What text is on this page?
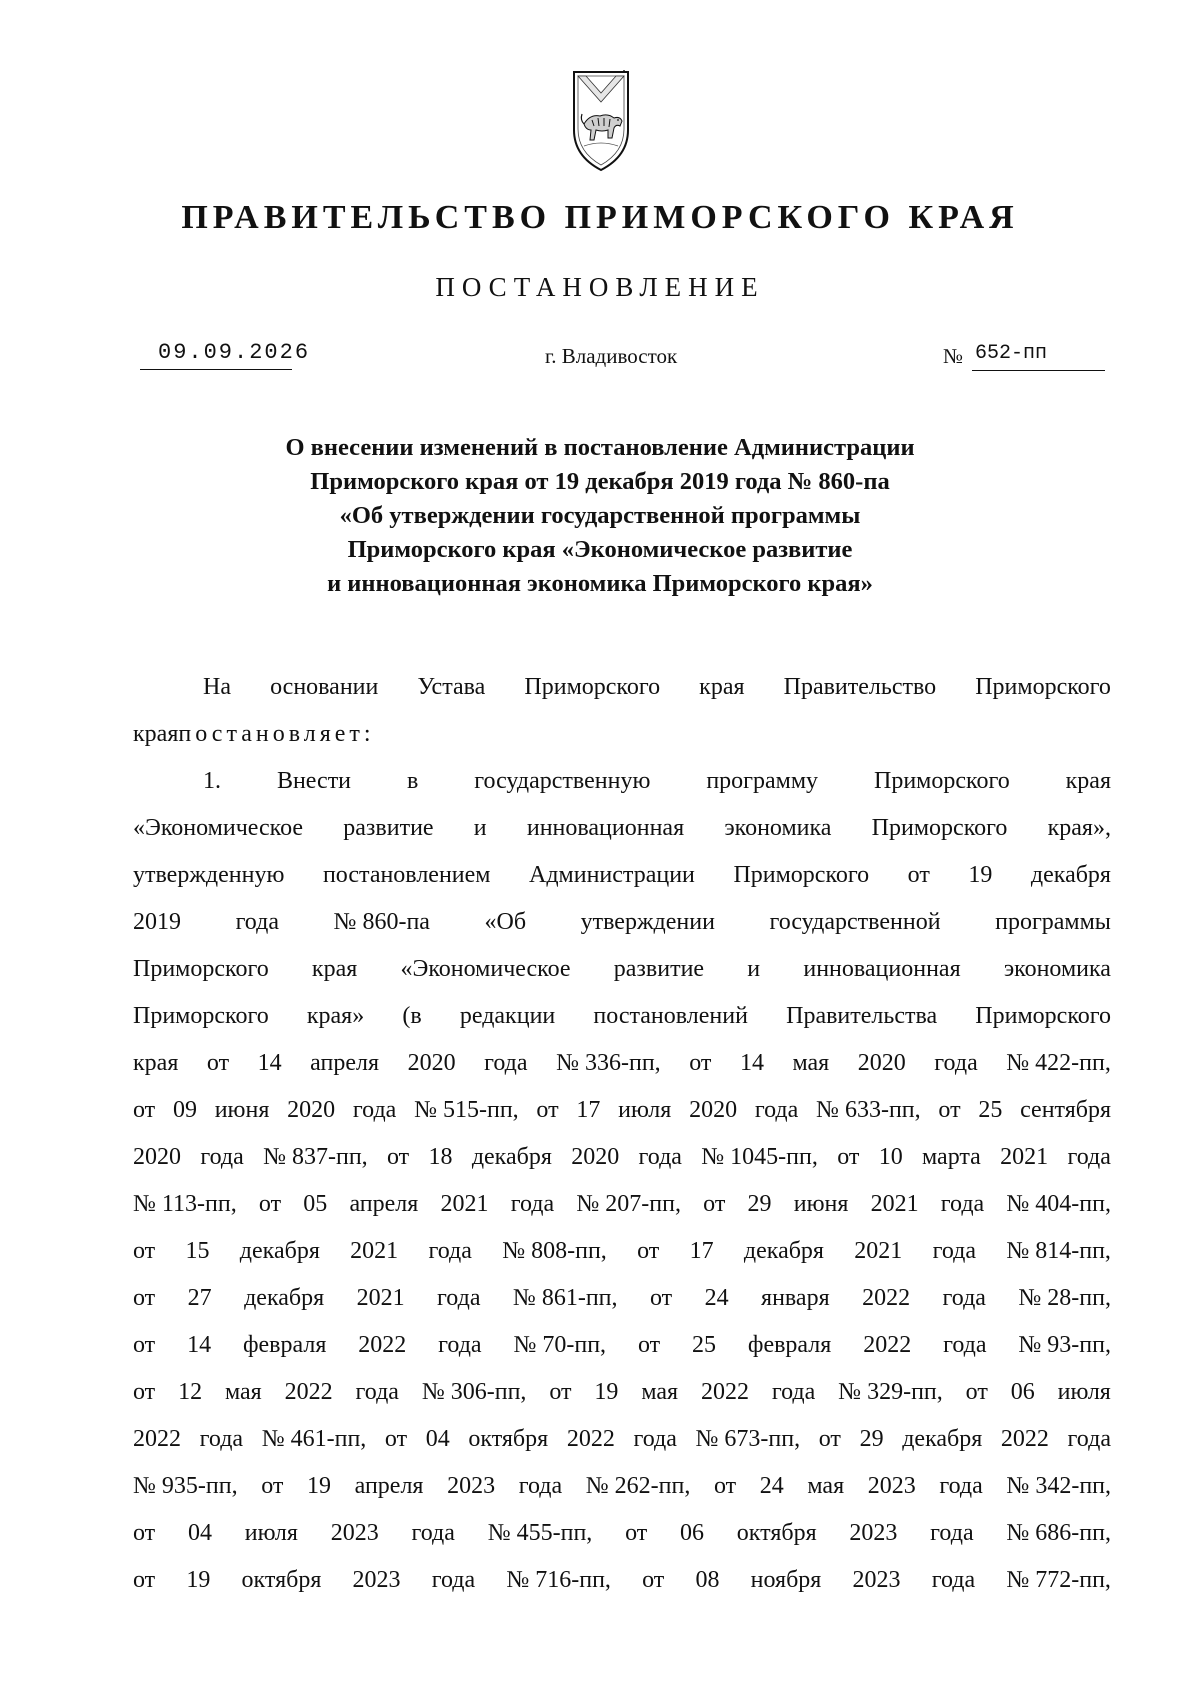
ПРАВИТЕЛЬСТВО ПРИМОРСКОГО КРАЯ
ПОСТАНОВЛЕНИЕ
09.09.2026	г. Владивосток	№ 652-пп
О внесении изменений в постановление Администрации
Приморского края от 19 декабря 2019 года № 860-па
«Об утверждении государственной программы
Приморского края «Экономическое развитие
и инновационная экономика Приморского края»
На основании Устава Приморского края Правительство Приморского
края постановляет:
1. Внести в государственную программу Приморского края
«Экономическое развитие и инновационная экономика Приморского края»,
утвержденную постановлением Администрации Приморского от 19 декабря
2019 года № 860-па «Об утверждении государственной программы
Приморского края «Экономическое развитие и инновационная экономика
Приморского края» (в редакции постановлений Правительства Приморского
края от 14 апреля 2020 года № 336-пп, от 14 мая 2020 года № 422-пп,
от 09 июня 2020 года № 515-пп, от 17 июля 2020 года № 633-пп, от 25 сентября
2020 года № 837-пп, от 18 декабря 2020 года № 1045-пп, от 10 марта 2021 года
№ 113-пп, от 05 апреля 2021 года № 207-пп, от 29 июня 2021 года № 404-пп,
от 15 декабря 2021 года № 808-пп, от 17 декабря 2021 года № 814-пп,
от 27 декабря 2021 года № 861-пп, от 24 января 2022 года № 28-пп,
от 14 февраля 2022 года № 70-пп, от 25 февраля 2022 года № 93-пп,
от 12 мая 2022 года № 306-пп, от 19 мая 2022 года № 329-пп, от 06 июля
2022 года № 461-пп, от 04 октября 2022 года № 673-пп, от 29 декабря 2022 года
№ 935-пп, от 19 апреля 2023 года № 262-пп, от 24 мая 2023 года № 342-пп,
от 04 июля 2023 года № 455-пп, от 06 октября 2023 года № 686-пп,
от 19 октября 2023 года № 716-пп, от 08 ноября 2023 года № 772-пп,
